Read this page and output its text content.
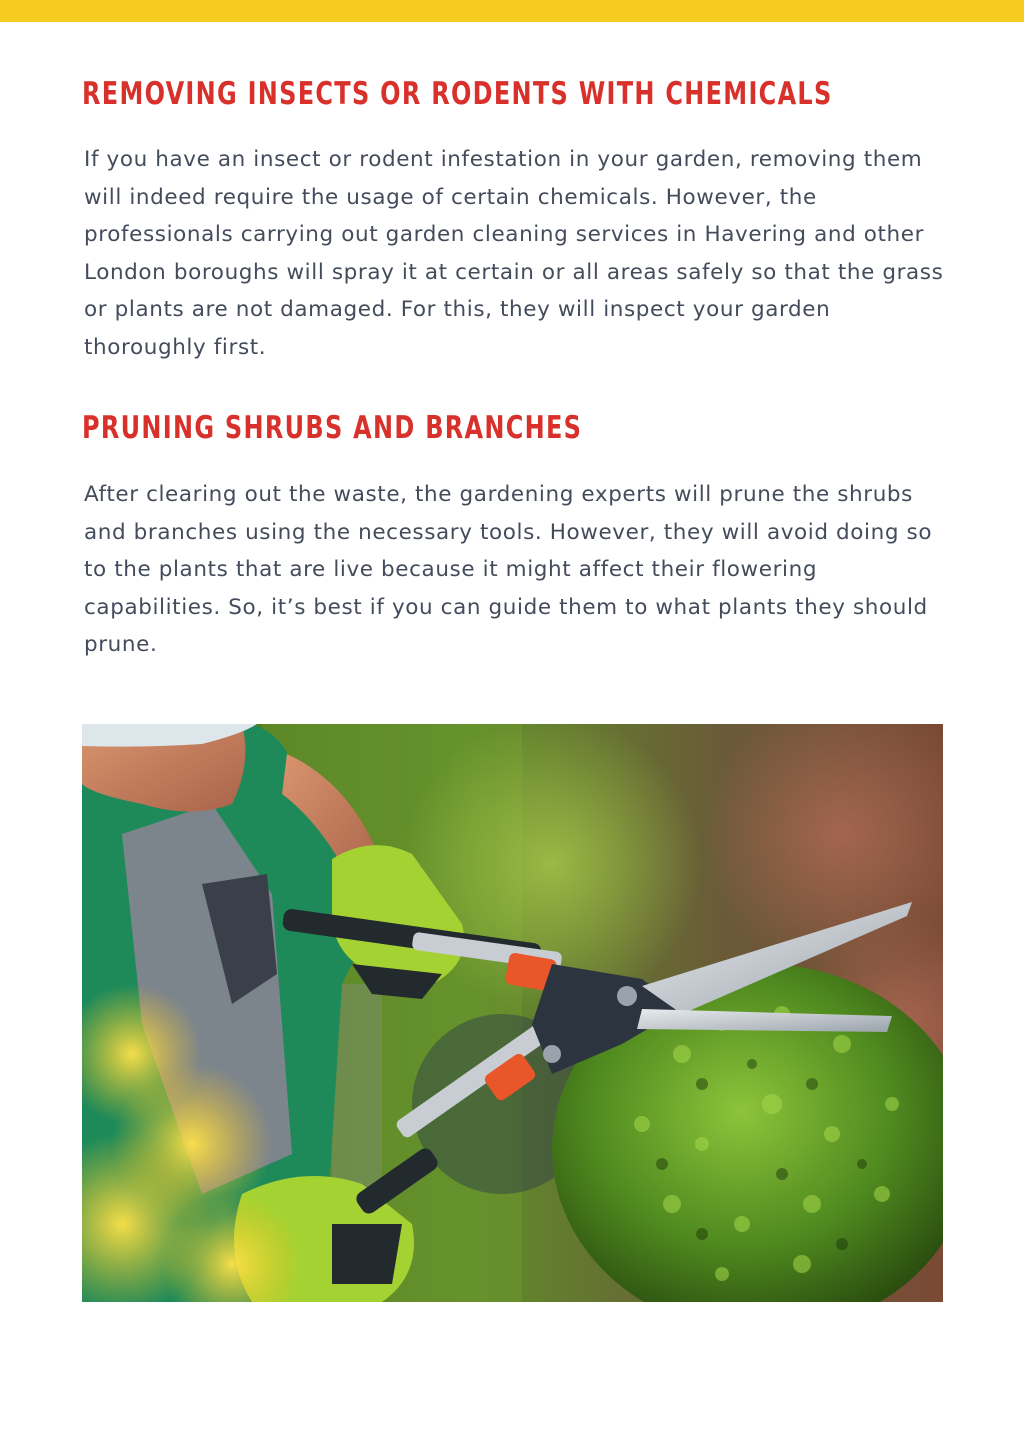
REMOVING INSECTS OR RODENTS WITH CHEMICALS

If you have an insect or rodent infestation in your garden, removing them will indeed require the usage of certain chemicals. However, the professionals carrying out garden cleaning services in Havering and other London boroughs will spray it at certain or all areas safely so that the grass or plants are not damaged. For this, they will inspect your garden thoroughly first.

PRUNING SHRUBS AND BRANCHES

After clearing out the waste, the gardening experts will prune the shrubs and branches using the necessary tools. However, they will avoid doing so to the plants that are live because it might affect their flowering capabilities. So, it’s best if you can guide them to what plants they should prune.
